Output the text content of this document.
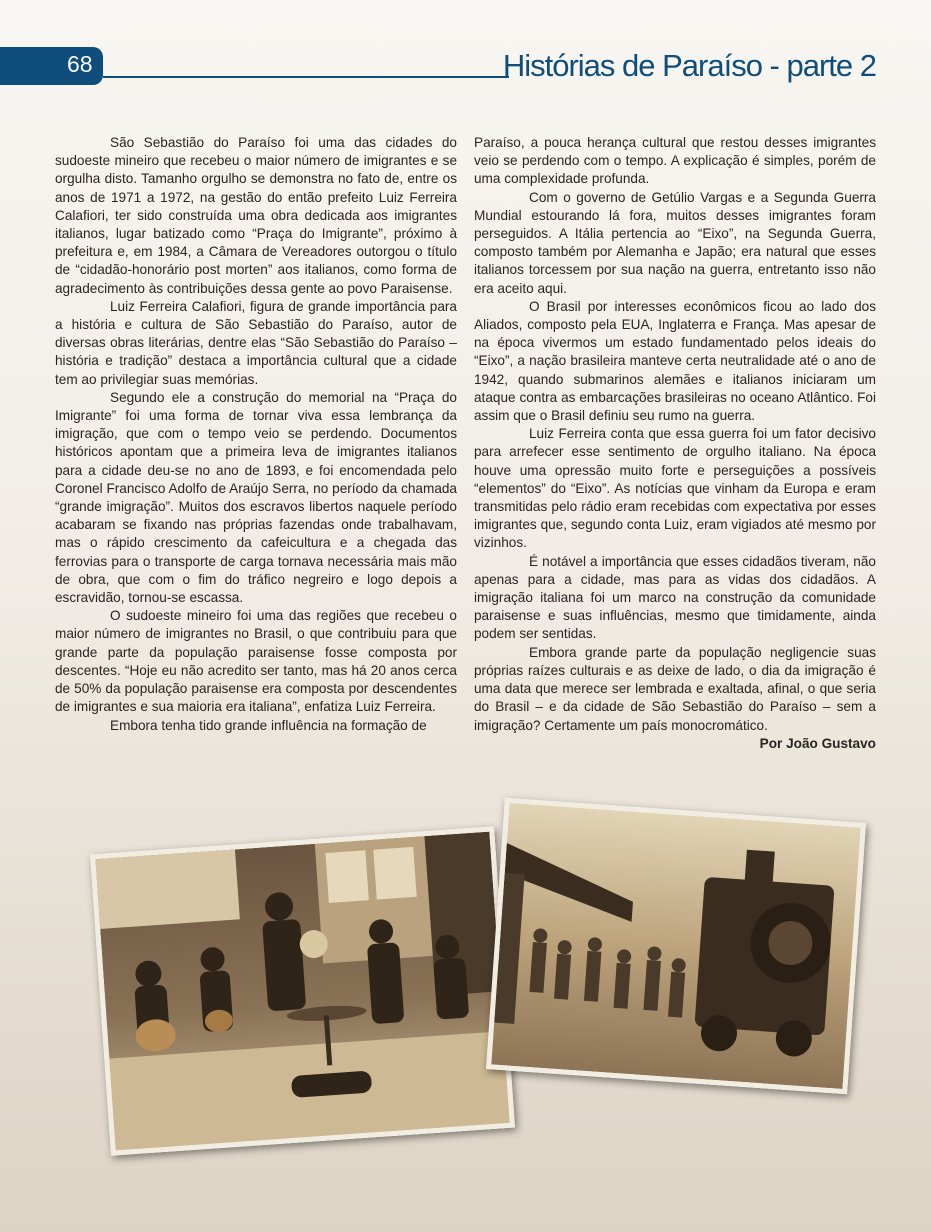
68	Histórias de Paraíso - parte 2

São Sebastião do Paraíso foi uma das cidades do sudoeste mineiro que recebeu o maior número de imigrantes e se orgulha disto. Tamanho orgulho se demonstra no fato de, entre os anos de 1971 a 1972, na gestão do então prefeito Luiz Ferreira Calafiori, ter sido construída uma obra dedicada aos imigrantes italianos, lugar batizado como “Praça do Imigrante”, próximo à prefeitura e, em 1984, a Câmara de Vereadores outorgou o título de “cidadão-honorário post morten” aos italianos, como forma de agradecimento às contribuições dessa gente ao povo Paraisense.

Luiz Ferreira Calafiori, figura de grande importância para a história e cultura de São Sebastião do Paraíso, autor de diversas obras literárias, dentre elas “São Sebastião do Paraíso – história e tradição” destaca a importância cultural que a cidade tem ao privilegiar suas memórias.

Segundo ele a construção do memorial na “Praça do Imigrante” foi uma forma de tornar viva essa lembrança da imigração, que com o tempo veio se perdendo. Documentos históricos apontam que a primeira leva de imigrantes italianos para a cidade deu-se no ano de 1893, e foi encomendada pelo Coronel Francisco Adolfo de Araújo Serra, no período da chamada “grande imigração”. Muitos dos escravos libertos naquele período acabaram se fixando nas próprias fazendas onde trabalhavam, mas o rápido crescimento da cafeicultura e a chegada das ferrovias para o transporte de carga tornava necessária mais mão de obra, que com o fim do tráfico negreiro e logo depois a escravidão, tornou-se escassa.

O sudoeste mineiro foi uma das regiões que recebeu o maior número de imigrantes no Brasil, o que contribuiu para que grande parte da população paraisense fosse composta por descentes. “Hoje eu não acredito ser tanto, mas há 20 anos cerca de 50% da população paraisense era composta por descendentes de imigrantes e sua maioria era italiana”, enfatiza Luiz Ferreira.

Embora tenha tido grande influência na formação de

Paraíso, a pouca herança cultural que restou desses imigrantes veio se perdendo com o tempo. A explicação é simples, porém de uma complexidade profunda.

Com o governo de Getúlio Vargas e a Segunda Guerra Mundial estourando lá fora, muitos desses imigrantes foram perseguidos. A Itália pertencia ao “Eixo”, na Segunda Guerra, composto também por Alemanha e Japão; era natural que esses italianos torcessem por sua nação na guerra, entretanto isso não era aceito aqui.

O Brasil por interesses econômicos ficou ao lado dos Aliados, composto pela EUA, Inglaterra e França. Mas apesar de na época vivermos um estado fundamentado pelos ideais do “Eixo”, a nação brasileira manteve certa neutralidade até o ano de 1942, quando submarinos alemães e italianos iniciaram um ataque contra as embarcações brasileiras no oceano Atlântico. Foi assim que o Brasil definiu seu rumo na guerra.

Luiz Ferreira conta que essa guerra foi um fator decisivo para arrefecer esse sentimento de orgulho italiano. Na época houve uma opressão muito forte e perseguições a possíveis “elementos” do “Eixo”. As notícias que vinham da Europa e eram transmitidas pelo rádio eram recebidas com expectativa por esses imigrantes que, segundo conta Luiz, eram vigiados até mesmo por vizinhos.

É notável a importância que esses cidadãos tiveram, não apenas para a cidade, mas para as vidas dos cidadãos. A imigração italiana foi um marco na construção da comunidade paraisense e suas influências, mesmo que timidamente, ainda podem ser sentidas.

Embora grande parte da população negligencie suas próprias raízes culturais e as deixe de lado, o dia da imigração é uma data que merece ser lembrada e exaltada, afinal, o que seria do Brasil – e da cidade de São Sebastião do Paraíso – sem a imigração? Certamente um país monocromático.

Por João Gustavo
